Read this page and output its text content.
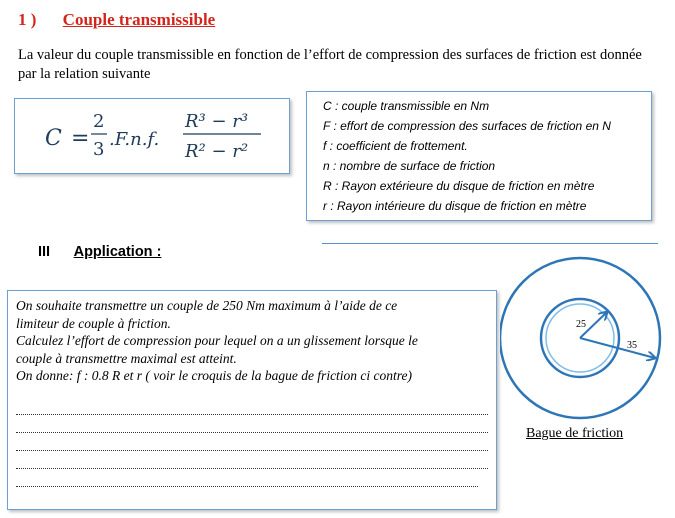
1 ) Couple transmissible
La valeur du couple transmissible en fonction de l’effort de compression des surfaces de friction est donnée par la relation suivante
C =
2
3 .F.n.f.
R³ − r³
R² − r²
C : couple transmissible en Nm
F : effort de compression des surfaces de friction en N
f : coefficient de frottement.
n : nombre de surface de friction
R : Rayon extérieure du disque de friction en mètre
r : Rayon intérieure du disque de friction en mètre
III Application :
On souhaite transmettre un couple de 250 Nm maximum à l’aide de ce
limiteur de couple à friction.
Calculez l’effort de compression pour lequel on a un glissement lorsque le
couple à transmettre maximal est atteint.
On donne: f : 0.8 R et r ( voir le croquis de la bague de friction ci contre)
25
35
Bague de friction
